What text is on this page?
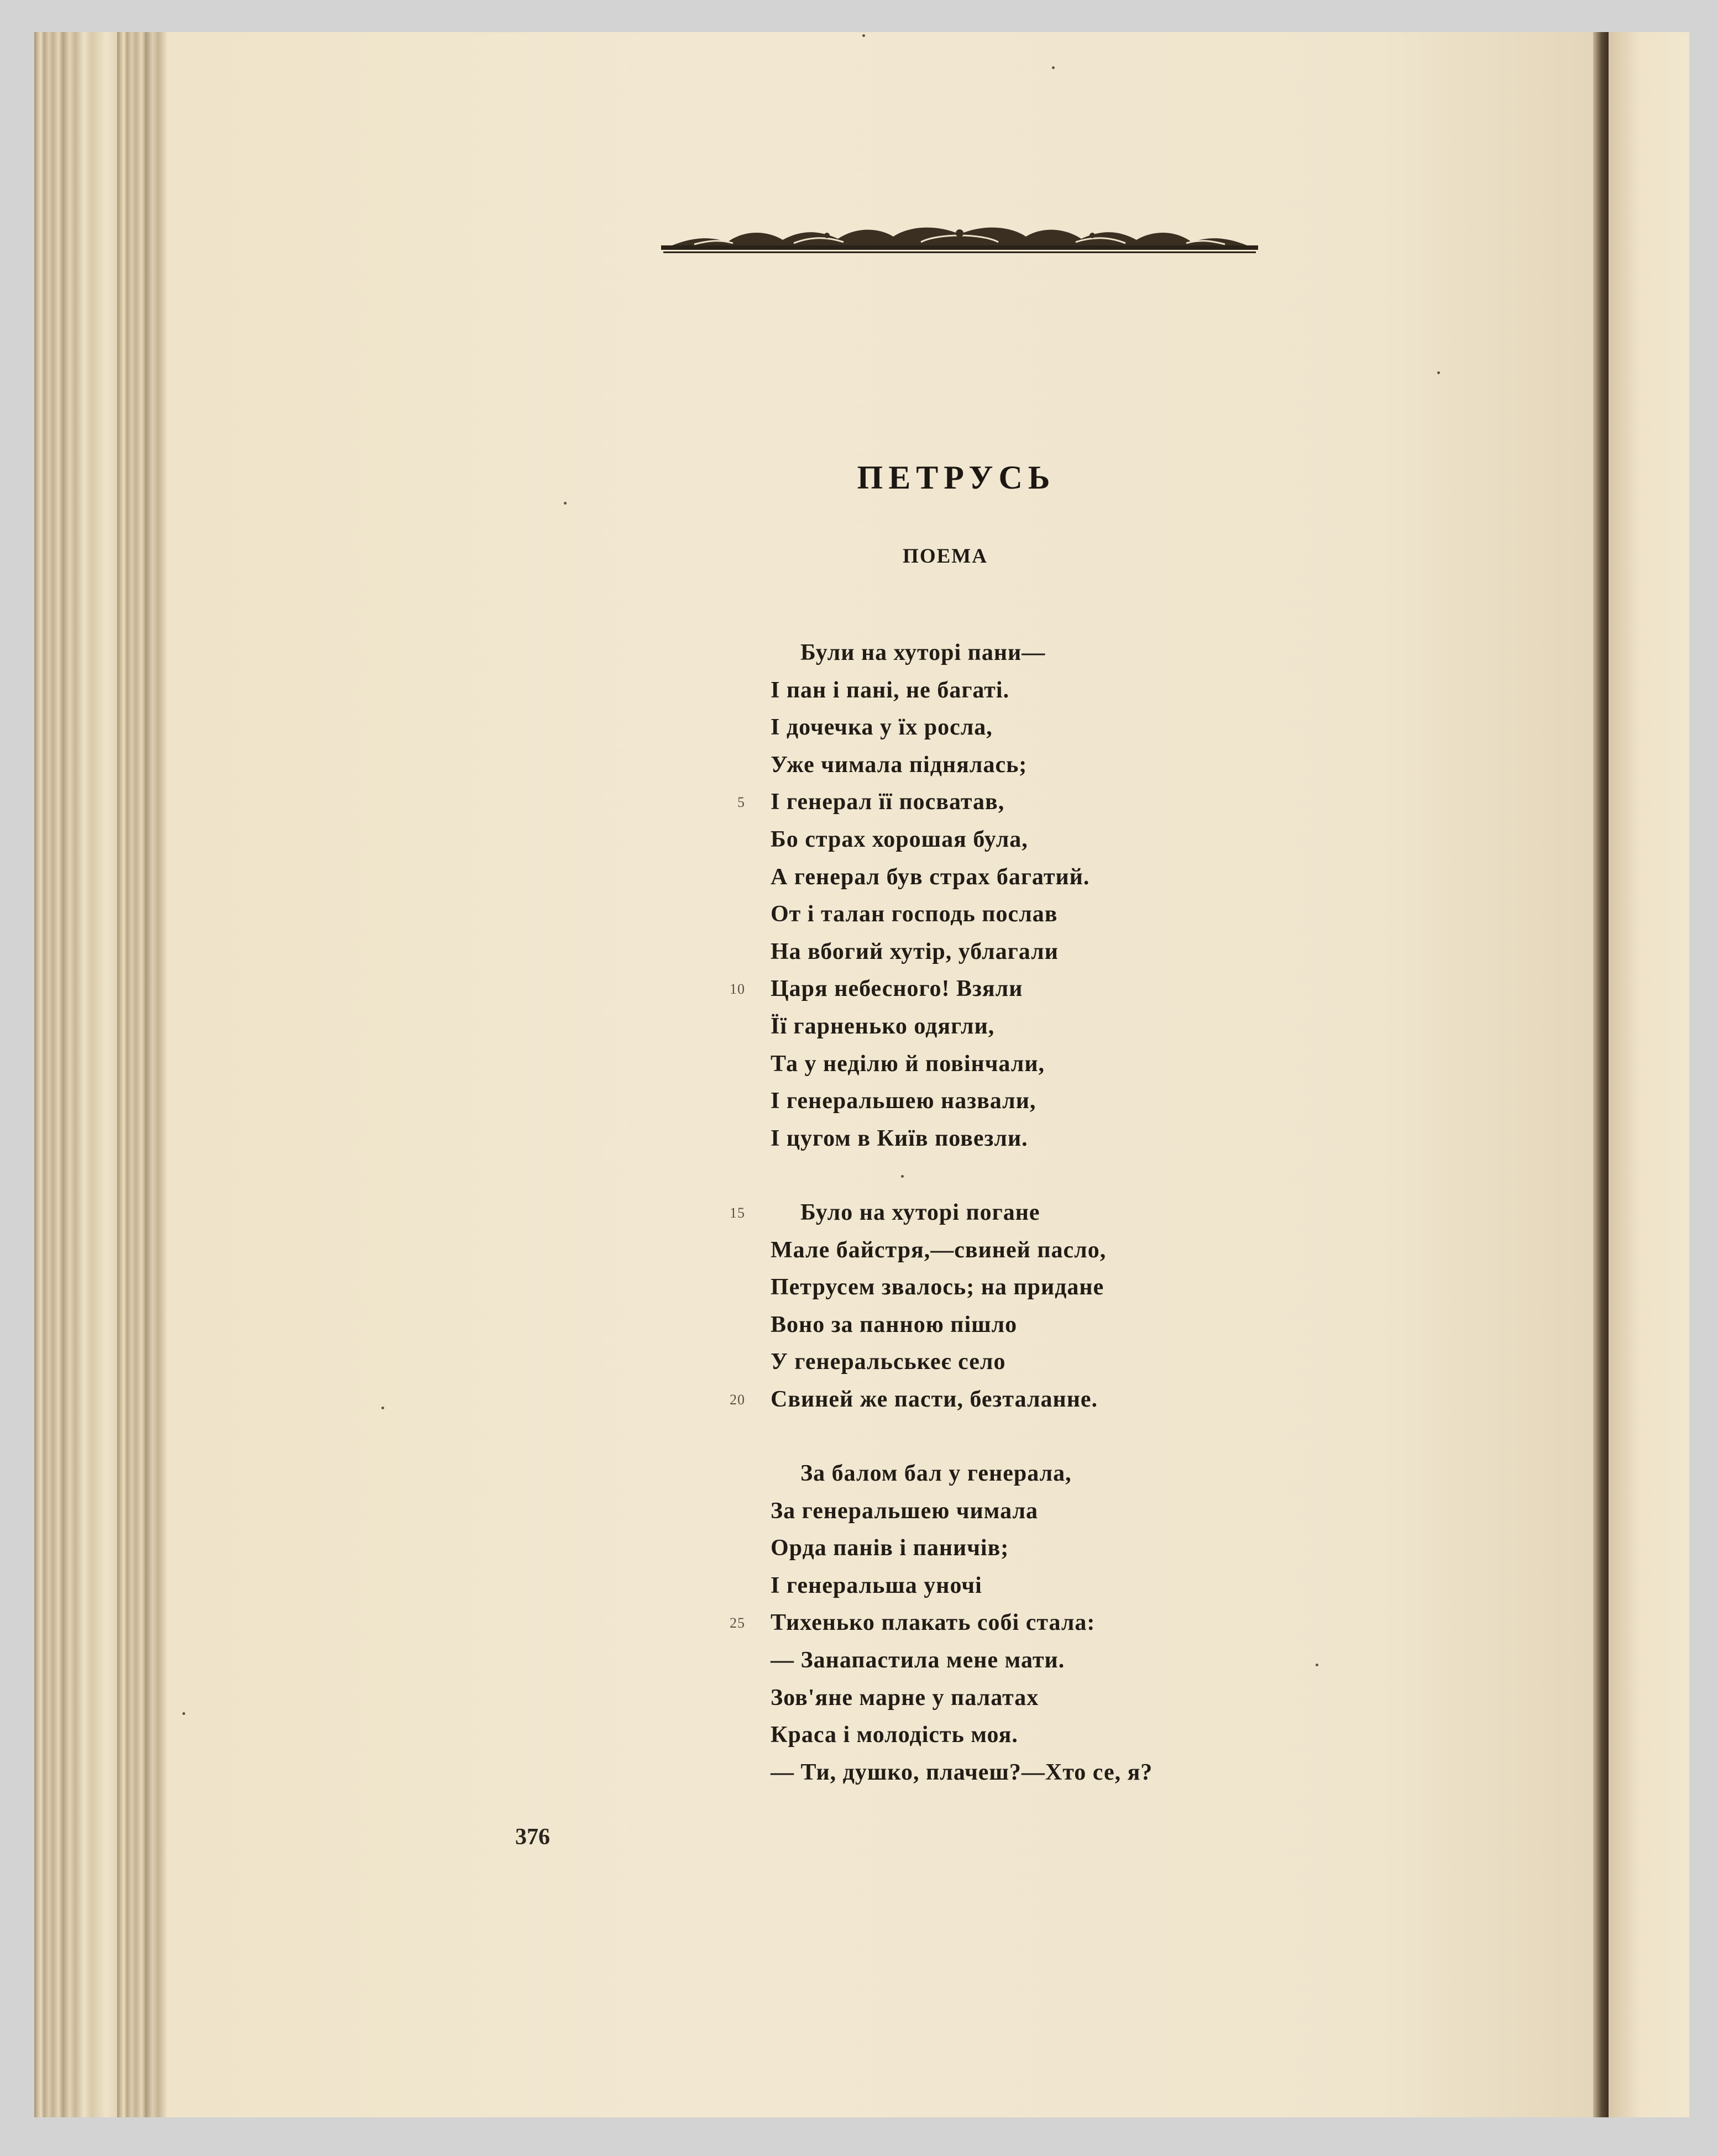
ПЕТРУСЬ
ПОЕМА
Були на хуторі пани—
І пан і пані, не багаті.
І дочечка у їх росла,
Уже чимала піднялась;
5 І генерал її посватав,
Бо страх хорошая була,
А генерал був страх багатий.
От і талан господь послав
На вбогий хутір, ублагали
10 Царя небесного! Взяли
Її гарненько одягли,
Та у неділю й повінчали,
І генеральшею назвали,
І цугом в Київ повезли.
15 Було на хуторі погане
Мале байстря,—свиней пасло,
Петрусем звалось; на придане
Воно за панною пішло
У генеральськеє село
20 Свиней же пасти, безталанне.
За балом бал у генерала,
За генеральшею чимала
Орда панів і паничів;
І генеральша уночі
25 Тихенько плакать собі стала:
— Занапастила мене мати.
Зов'яне марне у палатах
Краса і молодість моя.
— Ти, душко, плачеш?—Хто се, я?
376
